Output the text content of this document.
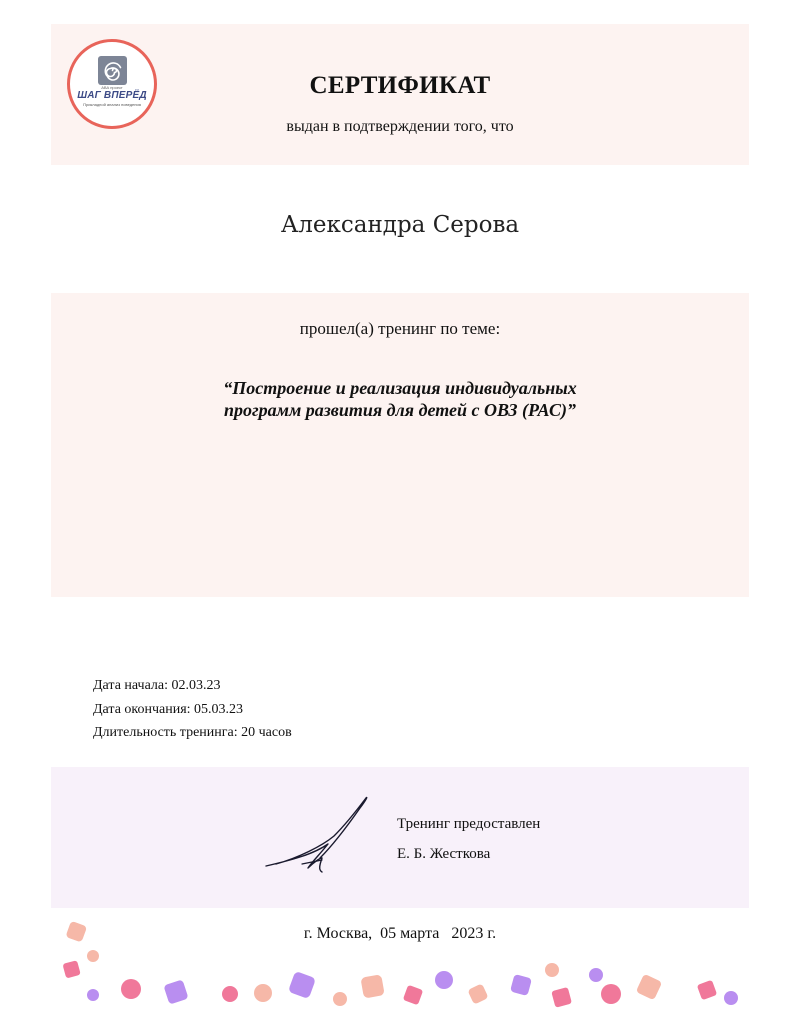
АВА проект
ШАГ ВПЕРЁД
Прикладной анализ поведения
СЕРТИФИКАТ
выдан в подтверждении того, что
Александра Серова
прошел(а) тренинг по теме:
“Построение и реализация индивидуальных
программ развития для детей с ОВЗ (РАС)”
Дата начала: 02.03.23
Дата окончания: 05.03.23
Длительность тренинга: 20 часов
Тренинг предоставлен
Е. Б. Жесткова
г. Москва,  05 марта   2023 г.
